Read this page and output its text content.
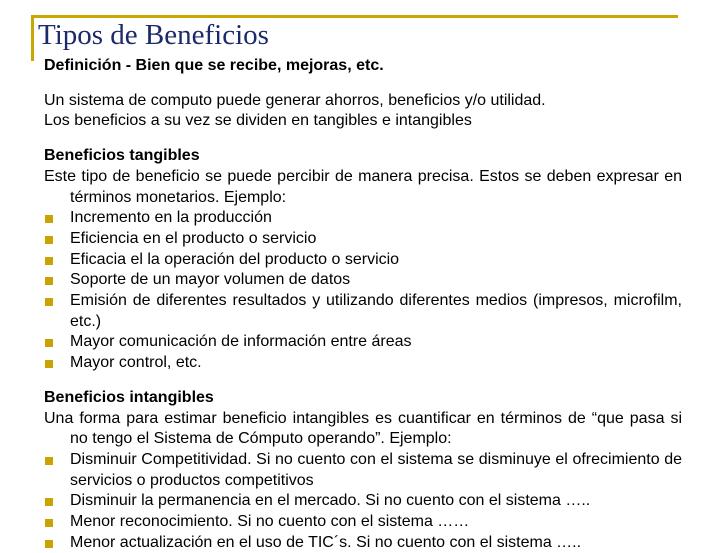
Tipos de Beneficios

Definición - Bien que se recibe, mejoras, etc.

Un sistema de computo puede generar ahorros, beneficios y/o utilidad.

Los beneficios a su vez se dividen en tangibles e intangibles

Beneficios tangibles

Este tipo de beneficio se puede percibir de manera precisa. Estos se deben expresar en términos monetarios. Ejemplo:
Incremento en la producción
Eficiencia en el producto o servicio
Eficacia el la operación del producto o servicio
Soporte de un mayor volumen de datos
Emisión de diferentes resultados y utilizando diferentes medios (impresos, microfilm, etc.)
Mayor comunicación de información entre áreas
Mayor control, etc.

Beneficios intangibles

Una forma para estimar beneficio intangibles es cuantificar en términos de “que pasa si no tengo el Sistema de Cómputo operando”. Ejemplo:
Disminuir Competitividad. Si no cuento con el sistema se disminuye el ofrecimiento de servicios o productos competitivos
Disminuir la permanencia en el mercado. Si no cuento con el sistema …..
Menor reconocimiento. Si no cuento con el sistema ……
Menor actualización en el uso de TIC´s. Si no cuento con el sistema …..
